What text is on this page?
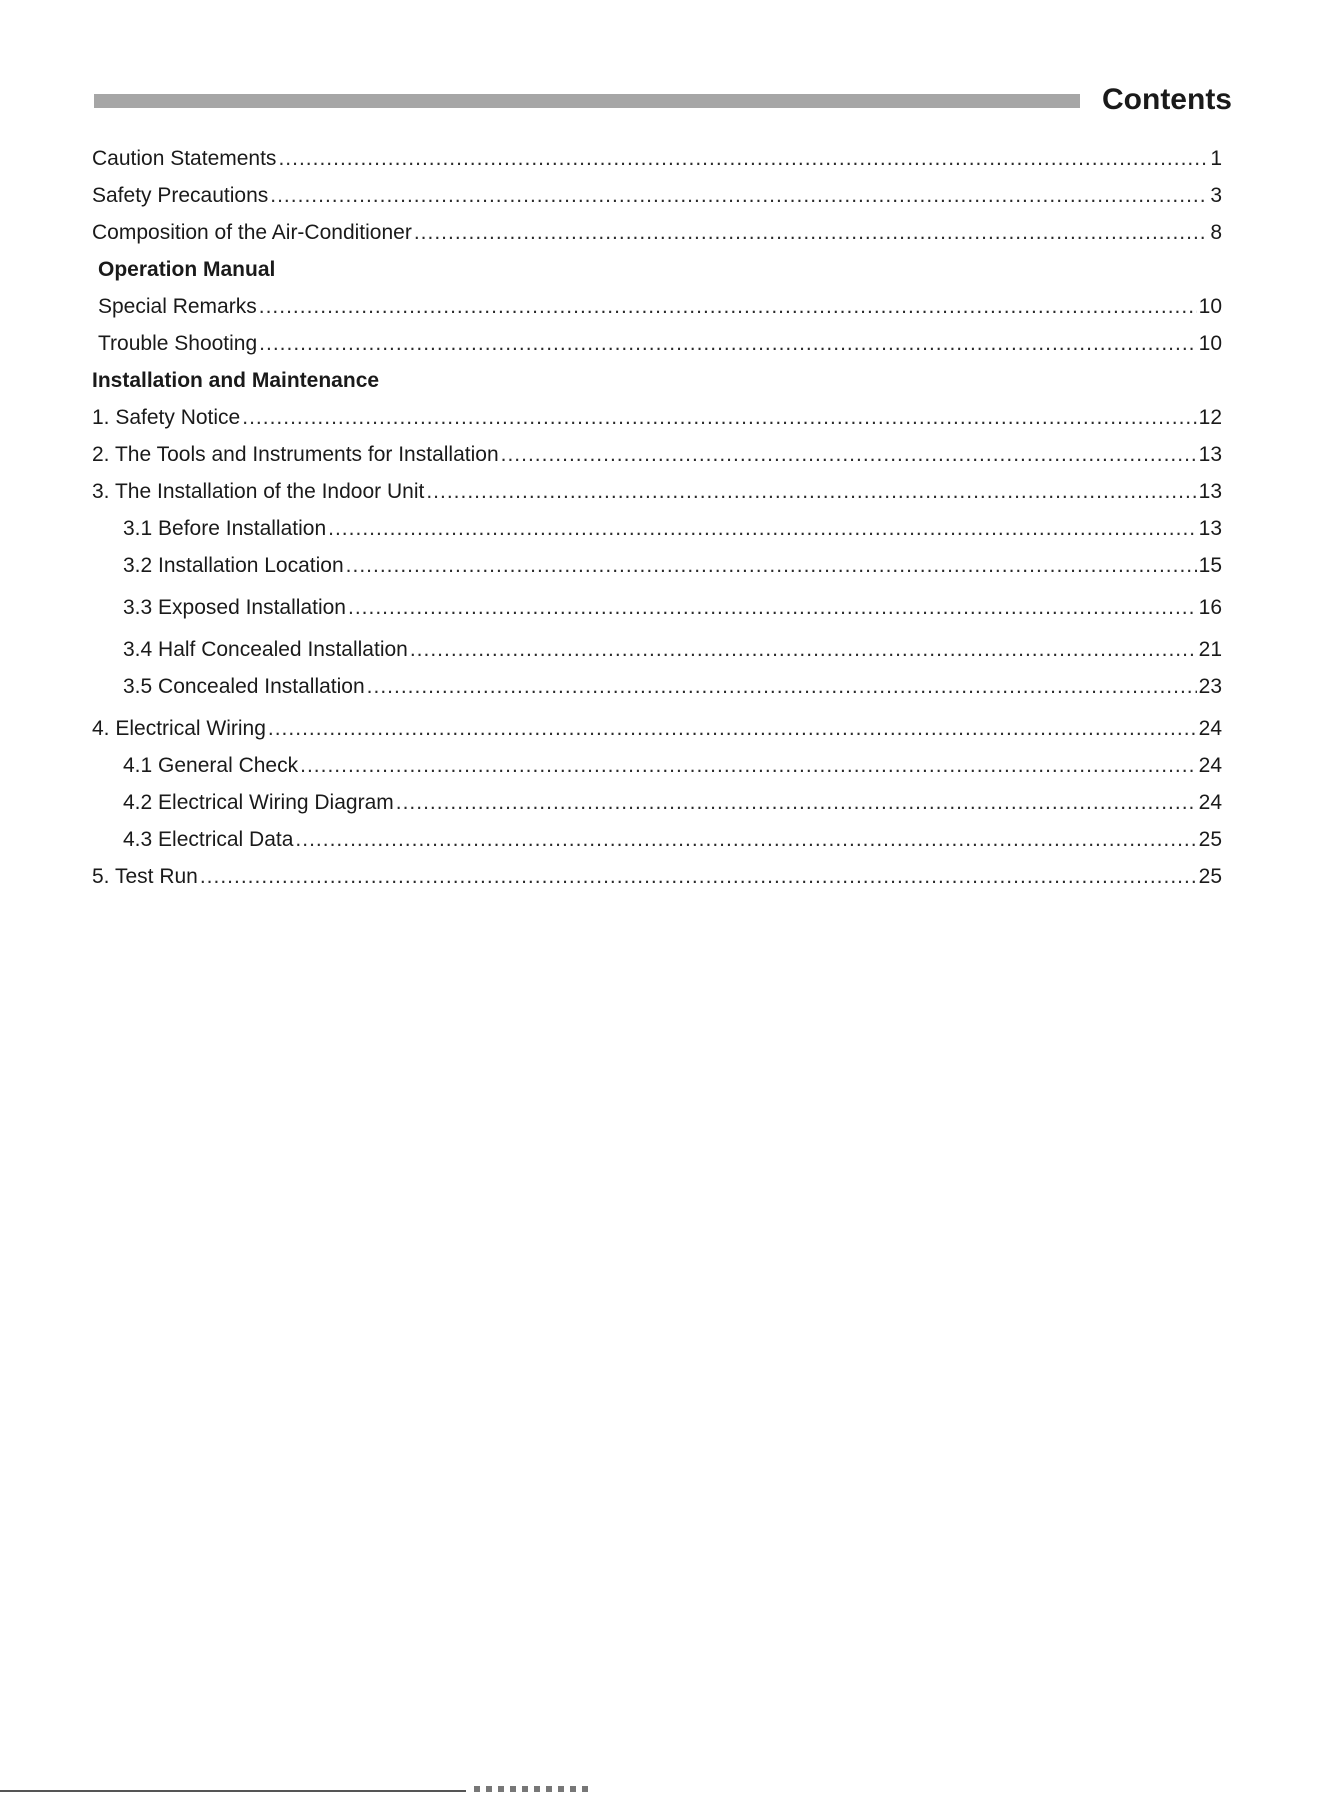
Contents
Caution Statements .....	1
Safety Precautions .....	3
Composition of the Air-Conditioner .....	8
Operation Manual
Special Remarks .....	10
Trouble Shooting .....	10
Installation and Maintenance
1. Safety Notice .....	12
2. The Tools and Instruments for Installation .....	13
3. The Installation of the Indoor Unit .....	13
3.1 Before Installation .....	13
3.2 Installation Location .....	15
3.3 Exposed Installation .....	16
3.4 Half Concealed Installation .....	21
3.5 Concealed Installation .....	23
4. Electrical Wiring .....	24
4.1 General Check .....	24
4.2 Electrical Wiring Diagram .....	24
4.3 Electrical Data .....	25
5. Test Run .....	25
